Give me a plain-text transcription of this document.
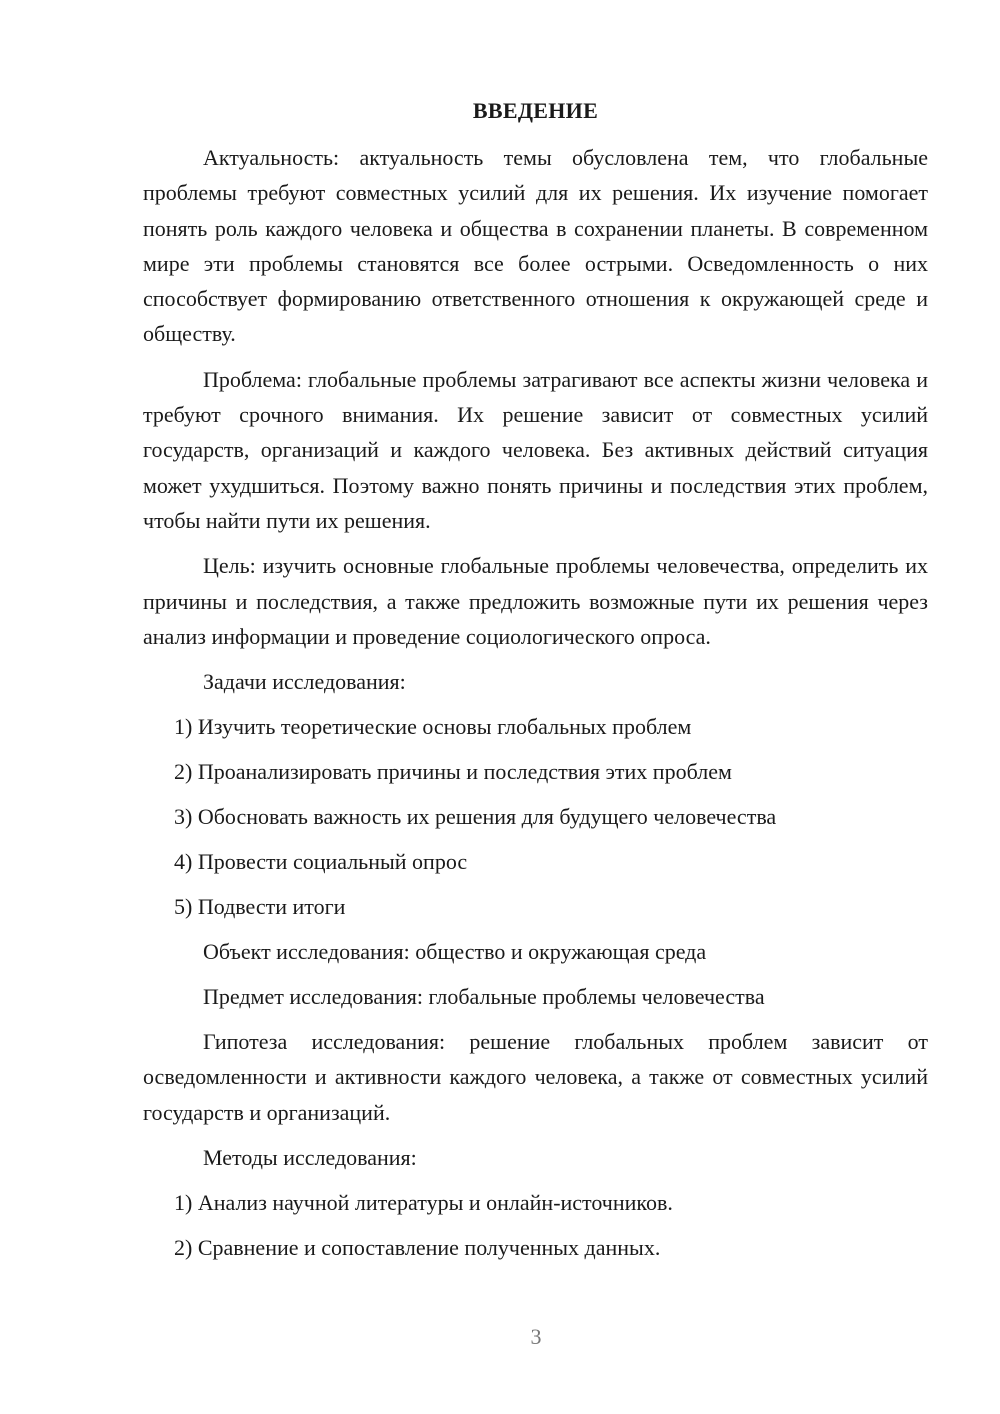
ВВЕДЕНИЕ

Актуальность: актуальность темы обусловлена тем, что глобальные проблемы требуют совместных усилий для их решения. Их изучение помогает понять роль каждого человека и общества в сохранении планеты. В современном мире эти проблемы становятся все более острыми. Осведомленность о них способствует формированию ответственного отношения к окружающей среде и обществу.

Проблема: глобальные проблемы затрагивают все аспекты жизни человека и требуют срочного внимания. Их решение зависит от совместных усилий государств, организаций и каждого человека. Без активных действий ситуация может ухудшиться. Поэтому важно понять причины и последствия этих проблем, чтобы найти пути их решения.

Цель: изучить основные глобальные проблемы человечества, определить их причины и последствия, а также предложить возможные пути их решения через анализ информации и проведение социологического опроса.

Задачи исследования:
1) Изучить теоретические основы глобальных проблем
2) Проанализировать причины и последствия этих проблем
3) Обосновать важность их решения для будущего человечества
4) Провести социальный опрос
5) Подвести итоги
Объект исследования: общество и окружающая среда
Предмет исследования: глобальные проблемы человечества

Гипотеза исследования: решение глобальных проблем зависит от осведомленности и активности каждого человека, а также от совместных усилий государств и организаций.

Методы исследования:
1) Анализ научной литературы и онлайн-источников.
2) Сравнение и сопоставление полученных данных.
3
